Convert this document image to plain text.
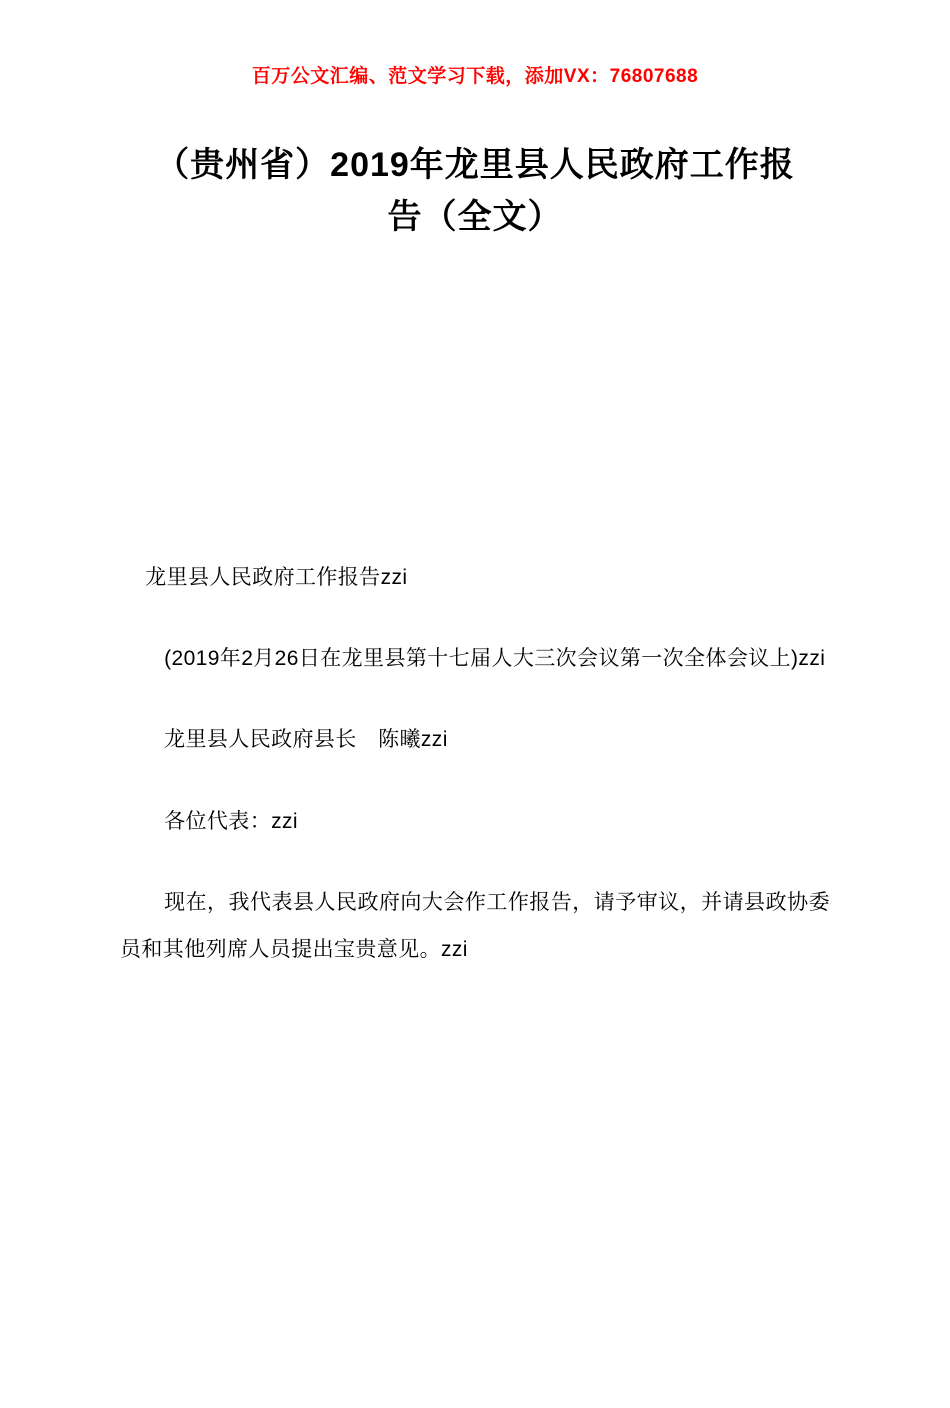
百万公文汇编、范文学习下载，添加VX：76807688
（贵州省）2019年龙里县人民政府工作报告（全文）

龙里县人民政府工作报告zzi

(2019年2月26日在龙里县第十七届人大三次会议第一次全体会议上)zzi

龙里县人民政府县长　陈曦zzi

各位代表：zzi

现在，我代表县人民政府向大会作工作报告，请予审议，并请县政协委员和其他列席人员提出宝贵意见。zzi
